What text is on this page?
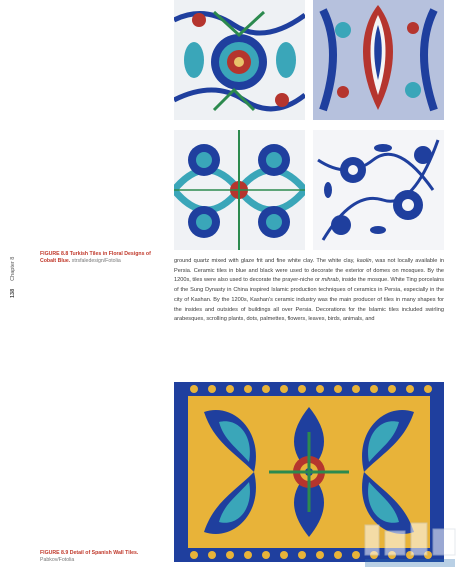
138
Chapter 8
FIGURE 8.8 Turkish Tiles in Floral Designs of Cobalt Blue. xtrsfaledesign/Fotolia	ground quartz mixed with glaze frit and fine white clay. The white clay, kaolin, was not locally available in Persia. Ceramic tiles in blue and black were used to decorate the exterior of domes on mosques. By the 1200s, tiles were also used to decorate the prayer-niche or mihrab, inside the mosque. White Ting porcelains of the Sung Dynasty in China inspired Islamic production techniques of ceramics in Persia, especially in the city of Kashan. By the 1200s, Kashan's ceramic industry was the main producer of tiles in many shapes for the insides and outsides of buildings all over Persia. Decorations for the Islamic tiles included swirling arabesques, scrolling plants, dots, palmettes, flowers, leaves, birds, animals, and
FIGURE 8.9 Detail of Spanish Wall Tiles.
Pabkov/Fotolia
